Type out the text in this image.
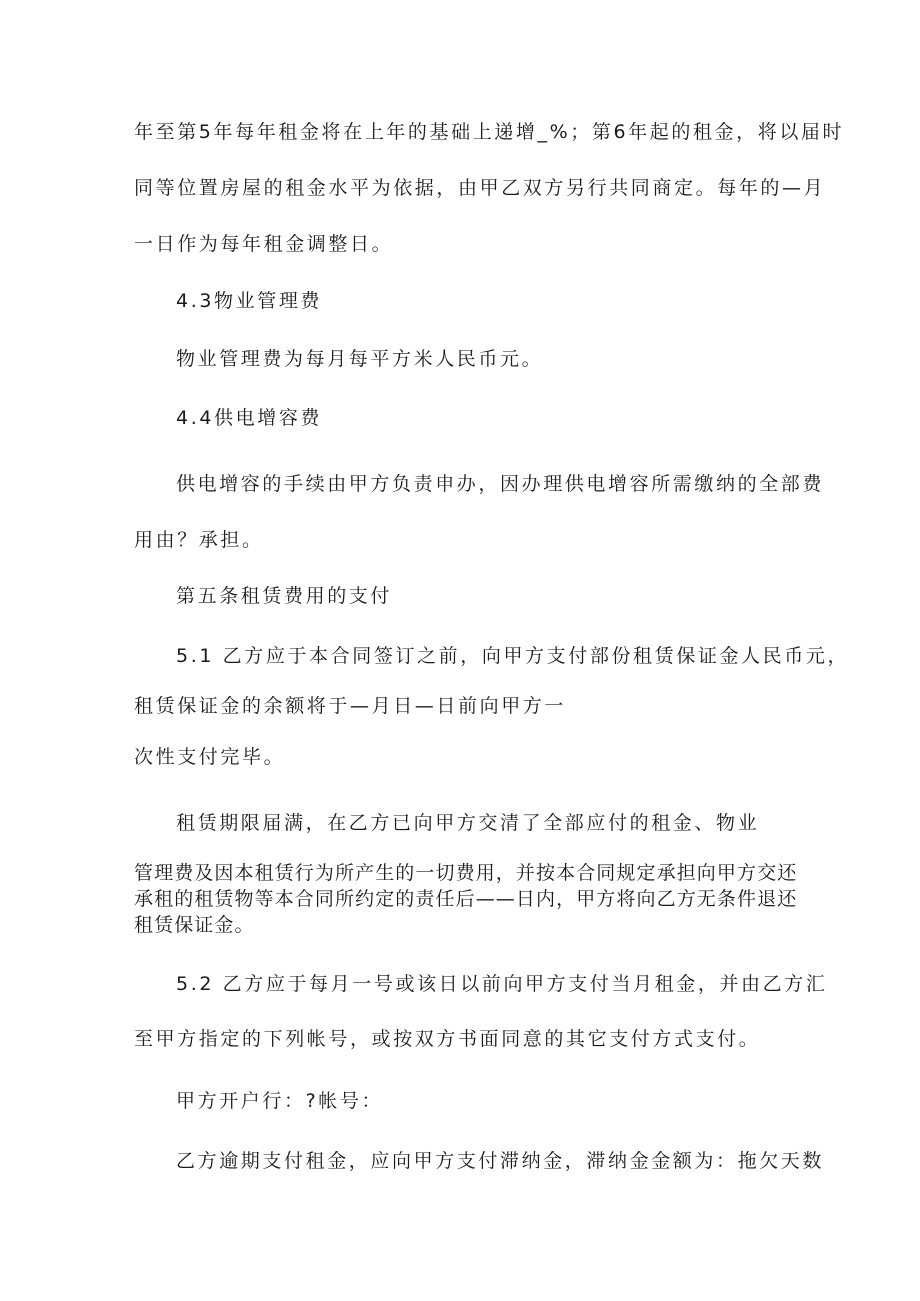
年至第5年每年租金将在上年的基础上递增_%；第6年起的租金，将以届时
同等位置房屋的租金水平为依据，由甲乙双方另行共同商定。每年的—月
一日作为每年租金调整日。
4.3物业管理费
物业管理费为每月每平方米人民币元。
4.4供电增容费
供电增容的手续由甲方负责申办，因办理供电增容所需缴纳的全部费
用由？承担。
第五条租赁费用的支付
5.1 乙方应于本合同签订之前，向甲方支付部份租赁保证金人民币元，
租赁保证金的余额将于—月日—日前向甲方一
次性支付完毕。
租赁期限届满，在乙方已向甲方交清了全部应付的租金、物业
管理费及因本租赁行为所产生的一切费用，并按本合同规定承担向甲方交还
承租的租赁物等本合同所约定的责任后——日内，甲方将向乙方无条件退还
租赁保证金。
5.2 乙方应于每月一号或该日以前向甲方支付当月租金，并由乙方汇
至甲方指定的下列帐号，或按双方书面同意的其它支付方式支付。
甲方开户行：?帐号：
乙方逾期支付租金，应向甲方支付滞纳金，滞纳金金额为：拖欠天数
